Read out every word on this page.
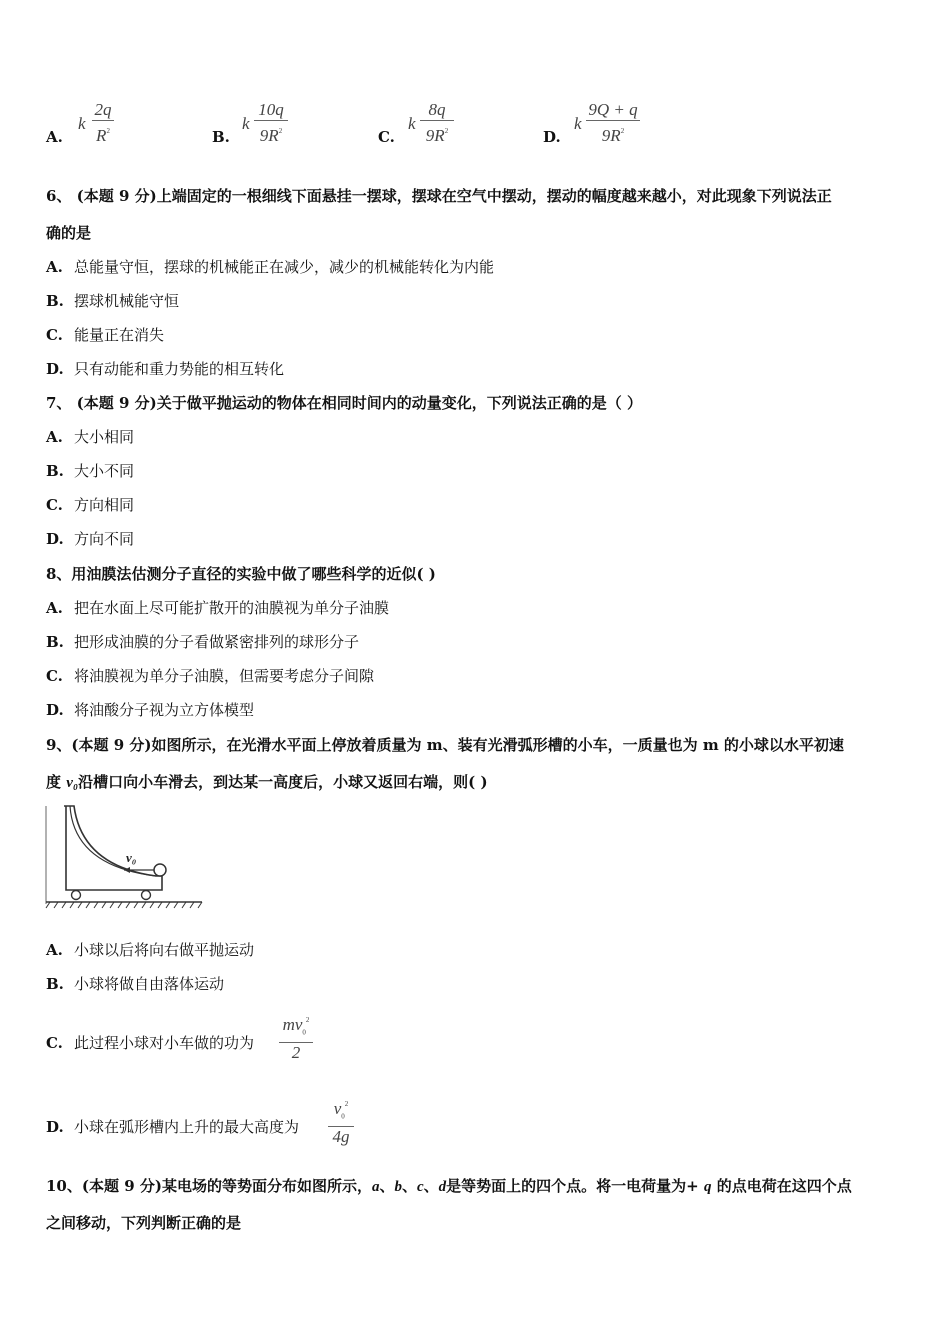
A.
k
2q
$R^2$	B.
k
10q
$9R^2$	C.
k
8q
$9R^2$	D.
k
9Q + q
$9R^2$
6、 (本题 9 分)上端固定的一根细线下面悬挂一摆球，摆球在空气中摆动，摆动的幅度越来越小，对此现象下列说法正
确的是
A. 总能量守恒，摆球的机械能正在减少，减少的机械能转化为内能
B. 摆球机械能守恒
C. 能量正在消失
D. 只有动能和重力势能的相互转化
7、 (本题 9 分)关于做平抛运动的物体在相同时间内的动量变化，下列说法正确的是（ ）
A. 大小相同
B. 大小不同
C. 方向相同
D. 方向不同
8、用油膜法估测分子直径的实验中做了哪些科学的近似( )
A. 把在水面上尽可能扩散开的油膜视为单分子油膜
B. 把形成油膜的分子看做紧密排列的球形分子
C. 将油膜视为单分子油膜，但需要考虑分子间隙
D. 将油酸分子视为立方体模型
9、(本题 9 分)如图所示，在光滑水平面上停放着质量为 m、装有光滑弧形槽的小车，一质量也为 m 的小球以水平初速
度 v₀沿槽口向小车滑去，到达某一高度后，小球又返回右端，则( )
v₀
A. 小球以后将向右做平抛运动
B. 小球将做自由落体运动
C. 此过程小球对小车做的功为
$mv_0^2$
2
D. 小球在弧形槽内上升的最大高度为
$v_0^2$
4g
10、(本题 9 分)某电场的等势面分布如图所示，a、b、c、d是等势面上的四个点。将一电荷量为+ q 的点电荷在这四个点
之间移动，下列判断正确的是
